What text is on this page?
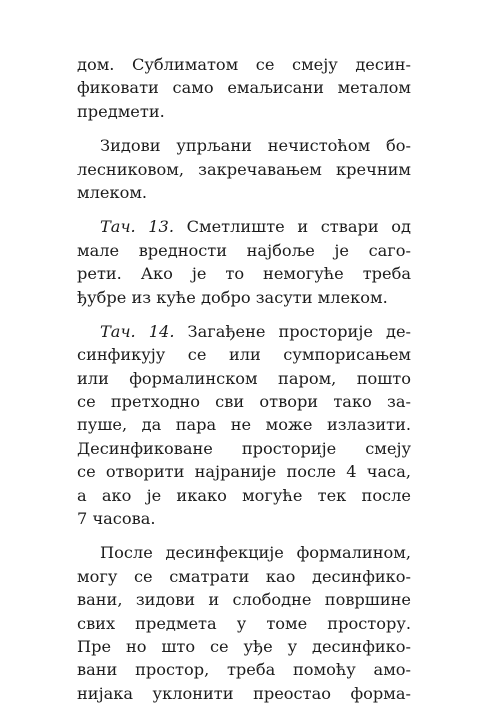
дом. Сублиматом се смеју десин-
фиковати само емаљисани металом
предмети.
Зидови упрљани нечистоћом бо-
лесниковом, закречавањем кречним
млеком.
Тач. 13. Сметлиште и ствари од
мале вредности најбоље је саго-
рети. Ако је то немогуће треба
ђубре из куће добро засути млеком.
Тач. 14. Загађене просторије де-
синфикују се или сумпорисањем
или формалинском паром, пошто
се претходно сви отвори тако за-
пуше, да пара не може излазити.
Десинфиковане просторије смеју
се отворити најраније после 4 часа,
а ако је икако могуће тек после
7 часова.
После десинфекције формалином,
могу се сматрати као десинфико-
вани, зидови и слободне површине
свих предмета у томе простору.
Пре но што се уђе у десинфико-
вани простор, треба помоћу амо-
нијака уклонити преостао форма-
